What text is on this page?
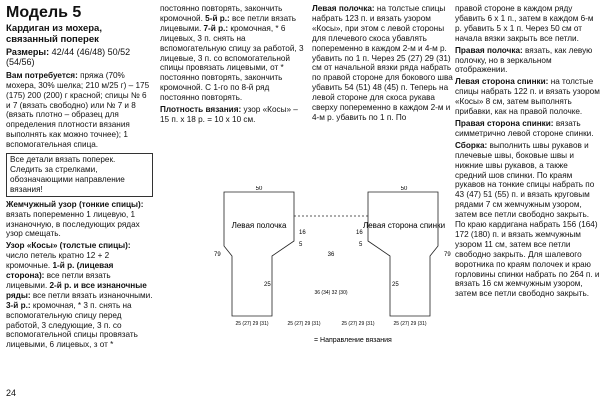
Модель 5
Кардиган из мохера, связанный поперек
Размеры: 42/44 (46/48) 50/52 (54/56)

Вам потребуется: пряжа (70% мохера, 30% шелка; 210 м/25 г) – 175 (175) 200 (200) г красной; спицы № 6 и 7 (вязать свободно) или № 7 и 8 (вязать плотно – образец для определения плотности вязания выполнять как можно точнее); 1 вспомогательная спица.

Все детали вязать поперек. Следить за стрелками, обозначающими направление вязания!

Жемчужный узор (тонкие спицы): вязать попеременно 1 лицевую, 1 изнаночную, в последующих рядах узор смещать.

Узор «Косы» (толстые спицы): число петель кратно 12 + 2 кромочные. 1-й р. (лицевая сторона): все петли вязать лицевыми. 2-й р. и все изнаночные ряды: все петли вязать изнаночными. 3-й р.: кромочная, * 3 п. снять на вспомогательную спицу перед работой, 3 следующие, 3 п. со вспомогательной спицы провязать лицевыми, 6 лицевых, з от *

постоянно повторять, закончить кромочной. 5-й р.: все петли вязать лицевыми. 7-й р.: кромочная, * 6 лицевых, 3 п. снять на вспомогательную спицу за работой, 3 лицевые, 3 п. со вспомогательной спицы провязать лицевыми, от * постоянно повторять, закончить кромочной. С 1-го по 8-й ряд постоянно повторять.

Плотность вязания: узор «Косы» – 15 п. х 18 р. = 10 х 10 см.

Левая полочка: на толстые спицы набрать 123 п. и вязать узором «Косы», при этом с левой стороны для плечевого скоса убавлять попеременно в каждом 2-м и 4-м р. убавить по 1 п. Через 25 (27) 29 (31) см от начальной вязки ряда набрать по правой стороне для бокового шва убавить 54 (51) 48 (45) п. Теперь на левой стороне для скоса рукава сверху попеременно в каждом 2-м и 4-м р. убавить по 1 п. По

правой стороне в каждом ряду убавить 6 х 1 п., затем в каждом 6-м р. убавить 5 х 1 п. Через 50 см от начала вязки закрыть все петли.

Правая полочка: вязать, как левую полочку, но в зеркальном отображении.

Левая сторона спинки: на толстые спицы набрать 122 п. и вязать узором «Косы» 8 см, затем выполнять прибавки, как на правой полочке.

Правая сторона спинки: вязать симметрично левой стороне спинки.

Сборка: выполнить швы рукавов и плечевые швы, боковые швы и нижние швы рукавов, а также средний шов спинки. По краям рукавов на тонкие спицы набрать по 43 (47) 51 (55) п. и вязать круговым рядами 7 см жемчужным узором, затем все петли свободно закрыть. По краю кардигана набрать 156 (164) 172 (180) п. и вязать жемчужным узором 11 см, затем все петли свободно закрыть. Для шалевого воротника по краям полочек и краю горловины спинки набрать по 264 п. и вязать 16 см жемчужным узором, затем все петли свободно закрыть.

Левая полочка	Левая сторона спинки
50	50
79	79
5	5
16	16
25	25
36
36 (34) 32 (30)
25 (27) 29 (31)	25 (27) 29 (31)	25 (27) 29 (31)	25 (27) 29 (31)
= Направление вязания
24
